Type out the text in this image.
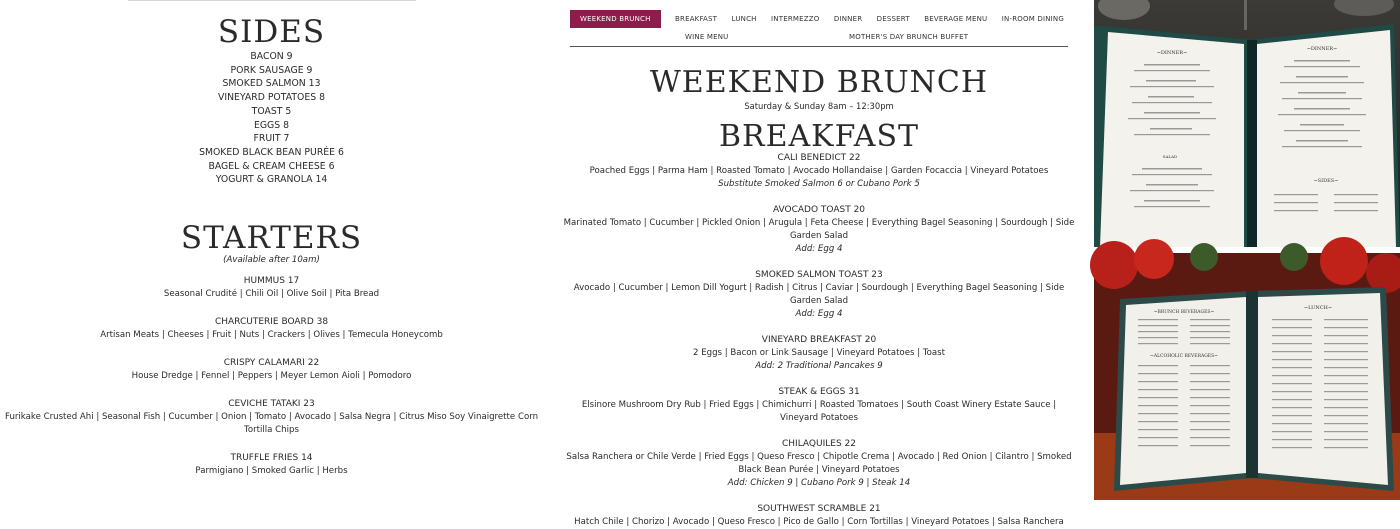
SIDES
BACON 9
PORK SAUSAGE 9
SMOKED SALMON 13
VINEYARD POTATOES 8
TOAST 5
EGGS 8
FRUIT 7
SMOKED BLACK BEAN PURÉE 6
BAGEL & CREAM CHEESE 6
YOGURT & GRANOLA 14
STARTERS
(Available after 10am)
HUMMUS 17
Seasonal Crudité | Chili Oil | Olive Soil | Pita Bread
CHARCUTERIE BOARD 38
Artisan Meats | Cheeses | Fruit | Nuts | Crackers | Olives | Temecula Honeycomb
CRISPY CALAMARI 22
House Dredge | Fennel | Peppers | Meyer Lemon Aioli | Pomodoro
CEVICHE TATAKI 23
Furikake Crusted Ahi | Seasonal Fish | Cucumber | Onion | Tomato | Avocado | Salsa Negra | Citrus Miso Soy Vinaigrette Corn Tortilla Chips
TRUFFLE FRIES 14
Parmigiano | Smoked Garlic | Herbs
WEEKEND BRUNCH	BREAKFAST LUNCH INTERMEZZO DINNER DESSERT BEVERAGE MENU IN-ROOM DINING
WINE MENU	MOTHER'S DAY BRUNCH BUFFET
WEEKEND BRUNCH
Saturday & Sunday 8am – 12:30pm
BREAKFAST
CALI BENEDICT 22
Poached Eggs | Parma Ham | Roasted Tomato | Avocado Hollandaise | Garden Focaccia | Vineyard Potatoes
Substitute Smoked Salmon 6 or Cubano Pork 5
AVOCADO TOAST 20
Marinated Tomato | Cucumber | Pickled Onion | Arugula | Feta Cheese | Everything Bagel Seasoning | Sourdough | Side Garden Salad
Add: Egg 4
SMOKED SALMON TOAST 23
Avocado | Cucumber | Lemon Dill Yogurt | Radish | Citrus | Caviar | Sourdough | Everything Bagel Seasoning | Side Garden Salad
Add: Egg 4
VINEYARD BREAKFAST 20
2 Eggs | Bacon or Link Sausage | Vineyard Potatoes | Toast
Add: 2 Traditional Pancakes 9
STEAK & EGGS 31
Elsinore Mushroom Dry Rub | Fried Eggs | Chimichurri | Roasted Tomatoes | South Coast Winery Estate Sauce | Vineyard Potatoes
CHILAQUILES 22
Salsa Ranchera or Chile Verde | Fried Eggs | Queso Fresco | Chipotle Crema | Avocado | Red Onion | Cilantro | Smoked Black Bean Purée | Vineyard Potatoes
Add: Chicken 9 | Cubano Pork 9 | Steak 14
SOUTHWEST SCRAMBLE 21
Hatch Chile | Chorizo | Avocado | Queso Fresco | Pico de Gallo | Corn Tortillas | Vineyard Potatoes | Salsa Ranchera
~DINNER~
~DINNER~
SALAD
~SIDES~
~BRUNCH BEVERAGES~
~ALCOHOLIC BEVERAGES~
~LUNCH~
